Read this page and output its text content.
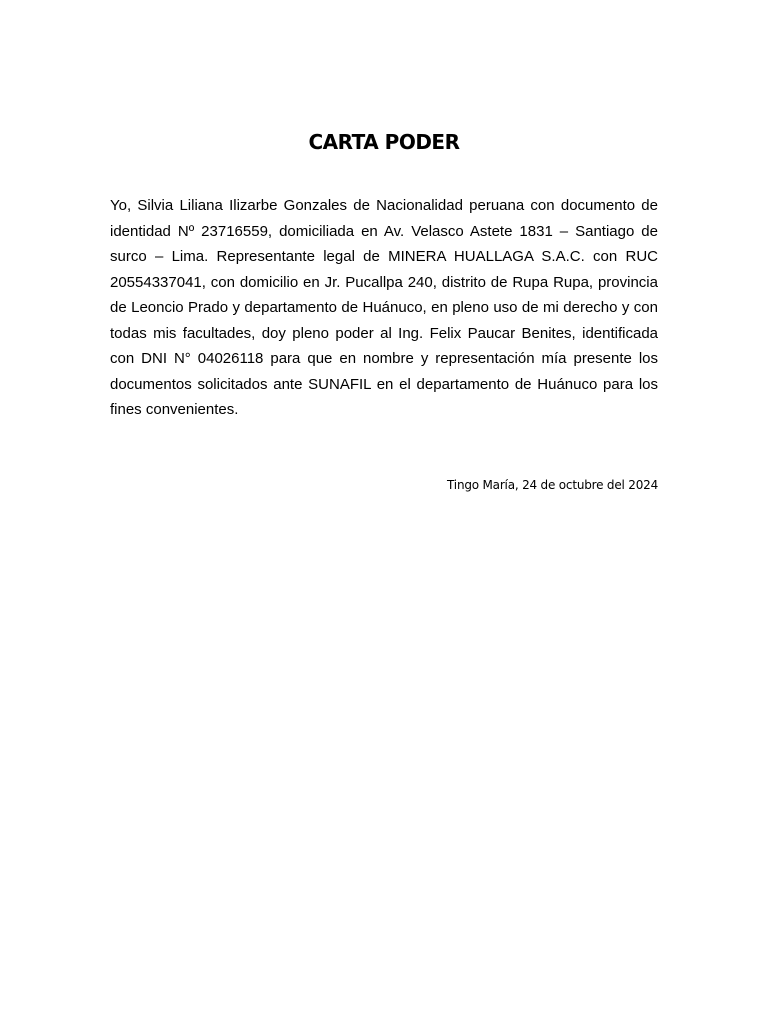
CARTA PODER

Yo, Silvia Liliana Ilizarbe Gonzales de Nacionalidad peruana con documento de identidad Nº 23716559, domiciliada en Av. Velasco Astete 1831 – Santiago de surco – Lima. Representante legal de MINERA HUALLAGA S.A.C. con RUC 20554337041, con domicilio en Jr. Pucallpa 240, distrito de Rupa Rupa, provincia de Leoncio Prado y departamento de Huánuco, en pleno uso de mi derecho y con todas mis facultades, doy pleno poder al Ing. Felix Paucar Benites, identificada con DNI N° 04026118 para que en nombre y representación mía presente los documentos solicitados ante SUNAFIL en el departamento de Huánuco para los fines convenientes.

Tingo María, 24 de octubre del 2024
